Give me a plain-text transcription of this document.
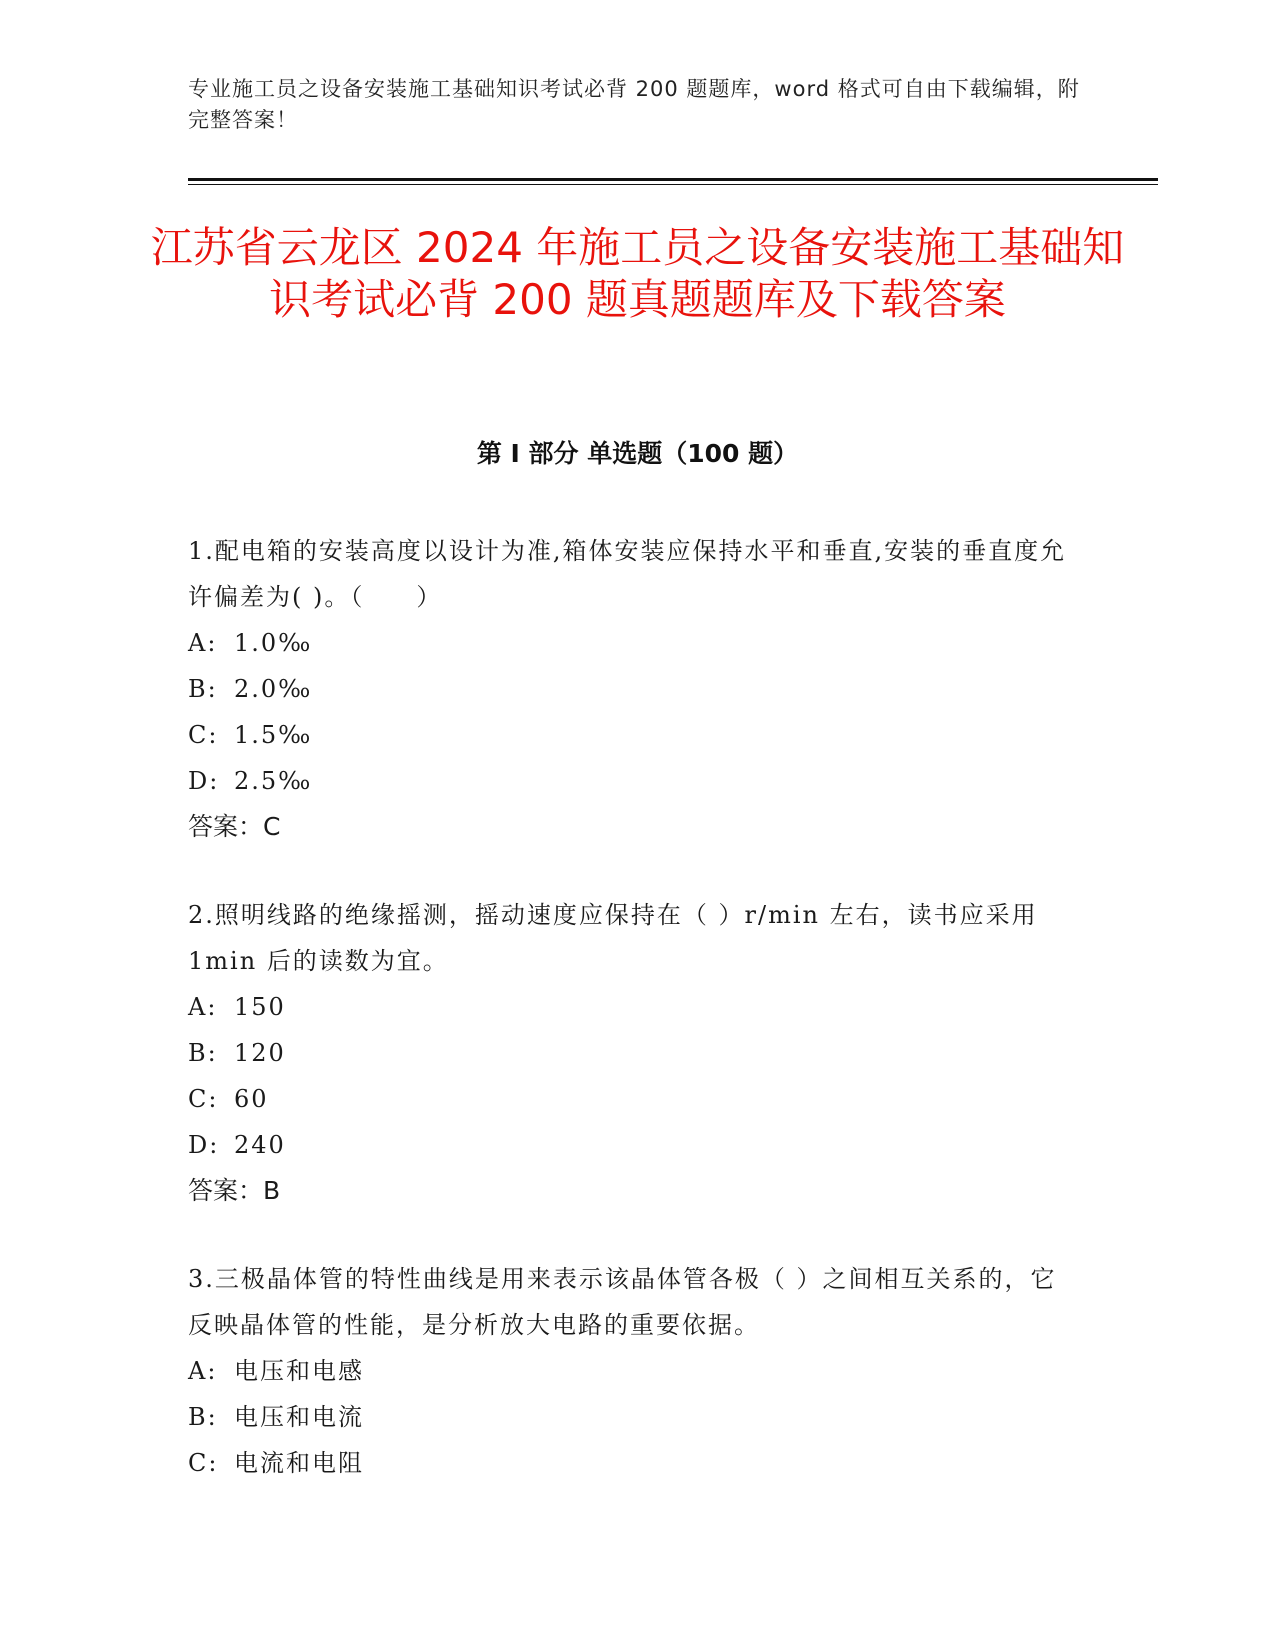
专业施工员之设备安装施工基础知识考试必背 200 题题库，word 格式可自由下载编辑，附完整答案！
江苏省云龙区 2024 年施工员之设备安装施工基础知识考试必背 200 题真题题库及下载答案
第 I 部分 单选题（100 题）

1.配电箱的安装高度以设计为准,箱体安装应保持水平和垂直,安装的垂直度允许偏差为( )。（　　）

A: 1.0‰
B: 2.0‰
C: 1.5‰
D: 2.5‰
答案：C

2.照明线路的绝缘摇测，摇动速度应保持在（ ）r/min 左右，读书应采用 1min 后的读数为宜。

A: 150
B: 120
C: 60
D: 240
答案：B

3.三极晶体管的特性曲线是用来表示该晶体管各极（ ）之间相互关系的，它反映晶体管的性能，是分析放大电路的重要依据。

A: 电压和电感
B: 电压和电流
C: 电流和电阻
